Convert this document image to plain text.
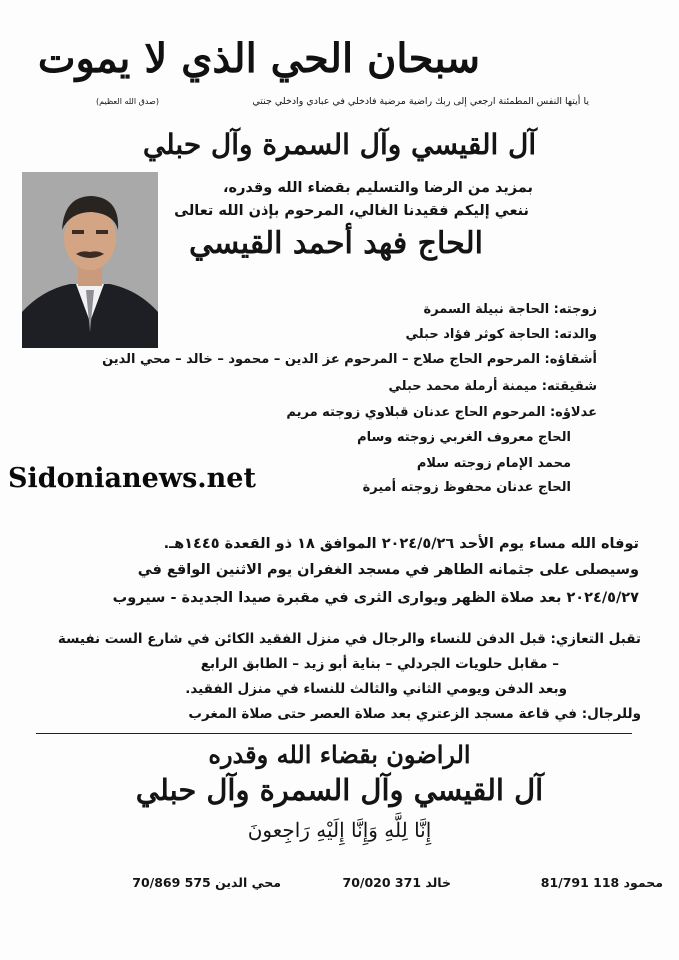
سبحان الحي الذي لا يموت
يا أيتها النفس المطمئنة ارجعي إلى ربك راضية مرضية فادخلي في عبادي وادخلي جنتي
(صدق الله العظيم)
آل القيسي وآل السمرة وآل حبلي
بمزيد من الرضا والتسليم بقضاء الله وقدره،
ننعي إليكم فقيدنا الغالي، المرحوم بإذن الله تعالى
الحاج فهد أحمد القيسي
زوجته: الحاجة نبيلة السمرة
والدته: الحاجة كوثر فؤاد حبلي
أشقاؤه: المرحوم الحاج صلاح – المرحوم عز الدين – محمود – خالد – محي الدين
شقيقته: ميمنة أرملة محمد حبلي
عدلاؤه: المرحوم الحاج عدنان قبلاوي زوجته مريم
الحاج معروف الغربي زوجته وسام
محمد الإمام زوجته سلام
الحاج عدنان محفوظ زوجته أميرة
Sidonianews.net
توفاه الله مساء يوم الأحد ٢٠٢٤/٥/٢٦ الموافق ١٨ ذو القعدة ١٤٤٥هـ.
وسيصلى على جثمانه الطاهر في مسجد الغفران يوم الاثنين الواقع في
٢٠٢٤/٥/٢٧ بعد صلاة الظهر ويوارى الثرى في مقبرة صيدا الجديدة - سيروب
تقبل التعازي: قبل الدفن للنساء والرجال في منزل الفقيد الكائن في شارع الست نفيسة
– مقابل حلويات الجردلي – بناية أبو زيد – الطابق الرابع
وبعد الدفن ويومي الثاني والثالث للنساء في منزل الفقيد.
وللرجال: في قاعة مسجد الزعتري بعد صلاة العصر حتى صلاة المغرب
الراضون بقضاء الله وقدره
آل القيسي وآل السمرة وآل حبلي
إِنَّا لِلَّهِ وَإِنَّا إِلَيْهِ رَاجِعونَ
محمود 81/791 118
خالد 70/020 371
محي الدين 70/869 575
